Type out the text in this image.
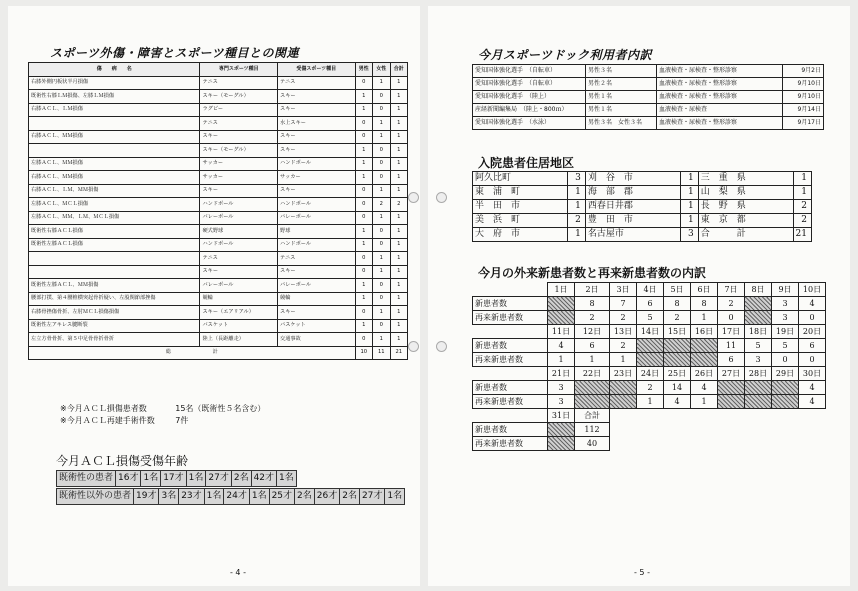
スポーツ外傷・障害とスポーツ種目との関連
傷　　病　　名	専門スポーツ種目	受傷スポーツ種目	男性	女性	合計
右膝外側円板状半月損傷	テニス	テニス	0	1	1
既術性右膝ＬＭ損傷、左膝ＬＭ損傷	スキー（モーグル）	スキー	1	0	1
右膝ＡＣＬ、ＬＭ損傷	ラグビー	スキー	1	0	1
	テニス	水上スキー	0	1	1
右膝ＡＣＬ、ＭＭ損傷	スキー	スキー	0	1	1
	スキー（モーグル）	スキー	1	0	1
左膝ＡＣＬ、ＭＭ損傷	サッカー	ハンドボール	1	0	1
右膝ＡＣＬ、ＭＭ損傷	サッカー	サッカー	1	0	1
右膝ＡＣＬ、ＬＭ、ＭＭ損傷	スキー	スキー	0	1	1
左膝ＡＣＬ、ＭＣＬ損傷	ハンドボール	ハンドボール	0	2	2
左膝ＡＣＬ、ＭＭ、ＬＭ、ＭＣＬ損傷	バレーボール	バレーボール	0	1	1
既術性右膝ＡＣＬ損傷	硬式野球	野球	1	0	1
既術性左膝ＡＣＬ損傷	ハンドボール	ハンドボール	1	0	1
	テニス	テニス	0	1	1
	スキー	スキー	0	1	1
既術性左膝ＡＣＬ、ＭＭ損傷	バレーボール	バレーボール	1	0	1
腰部打撲、第４腰椎横突起骨折疑い、左股関節部挫傷	競輪	競輪	1	0	1
右膝骨挫傷骨折、左肘ＭＣＬ損傷損傷	スキー（エアリアル）	スキー	0	1	1
既術性左アキレス腱断裂	バスケット	バスケット	1	0	1
左立方骨骨折、第５中足骨骨折骨折	陸上（長距離走）	交通事故	0	1	1
総　　　　　　　　計			10	11	21
※今月ＡＣＬ損傷患者数	15名（既術性５名含む）
※今月ＡＣＬ再建手術件数	7件
今月ＡＣＬ損傷受傷年齢
既術性の患者	16才	1名	17才	1名	27才	2名	42才	1名
既術性以外の患者	19才	3名	23才	1名	24才	1名	25才	2名	26才	2名	27才	1名
- 4 -
今月スポーツドック利用者内訳
愛知国体強化選手 （自転車）	男性３名	血液検査・尿検査・整形診察	9月2日
愛知国体強化選手 （自転車）	男性２名	血液検査・尿検査・整形診察	9月10日
愛知国体強化選手 （陸上）	男性１名	血液検査・尿検査・整形診察	9月10日
産経新聞編集局 （陸上・800ｍ）	男性１名	血液検査・尿検査	9月14日
愛知国体強化選手 （水泳）	男性３名　女性３名	血液検査・尿検査・整形診察	9月17日
入院患者住居地区
阿久比町	3	刈　谷　市	1	三　重　県	1
東　浦　町	1	海　部　郡	1	山　梨　県	1
半　田　市	1	西春日井郡	1	長　野　県	2
美　浜　町	2	豊　田　市	1	東　京　都	2
大　府　市	1	名古屋市	3	合　　　計	21
今月の外来新患者数と再来新患者数の内訳
	1日	2日	3日	4日	5日	6日	7日	8日	9日	10日
新患者数		8	7	6	8	8	2		3	4
再来新患者数		2	2	5	2	1	0		3	0
	11日	12日	13日	14日	15日	16日	17日	18日	19日	20日
新患者数	4	6	2				11	5	5	6
再来新患者数	1	1	1				6	3	0	0
	21日	22日	23日	24日	25日	26日	27日	28日	29日	30日
新患者数	3			2	14	4				4
再来新患者数	3			1	4	1				4
	31日	合計								
新患者数		112								
再来新患者数		40								
- 5 -
